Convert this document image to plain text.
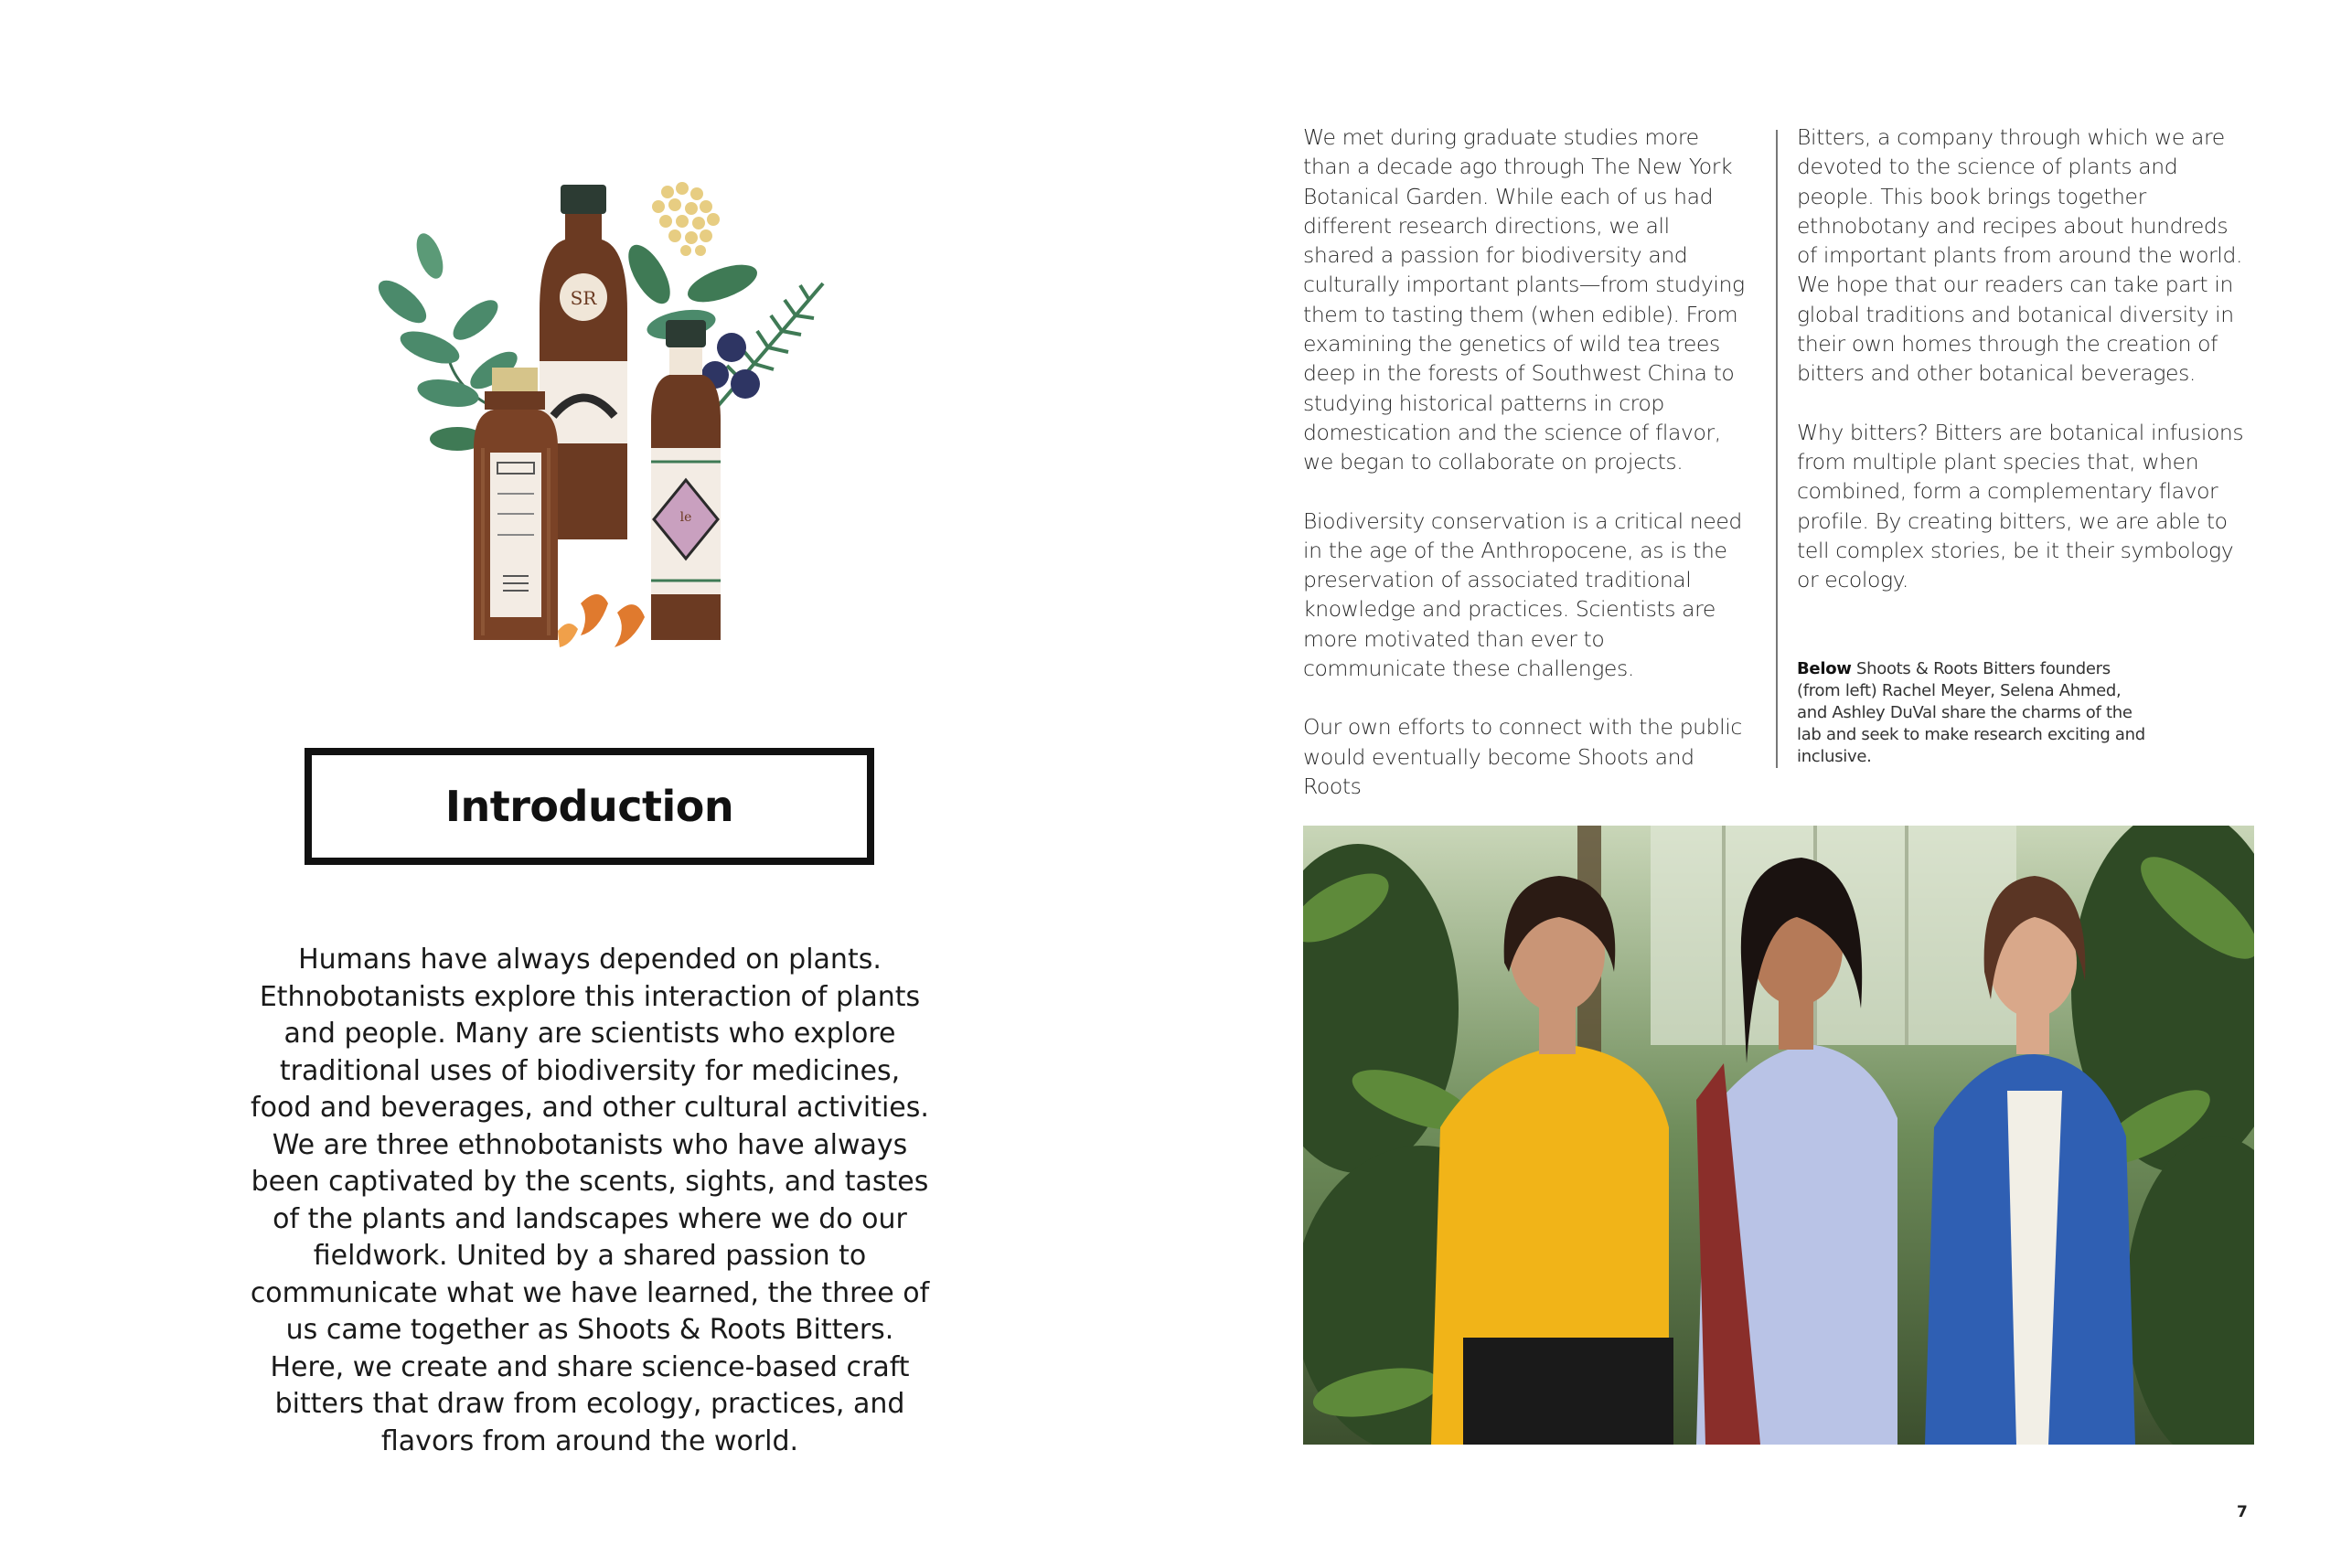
SR
le
Introduction
Humans have always depended on plants. Ethnobotanists explore this interaction of plants and people. Many are scientists who explore traditional uses of biodiversity for medicines, food and beverages, and other cultural activities. We are three ethnobotanists who have always been captivated by the scents, sights, and tastes of the plants and landscapes where we do our fieldwork. United by a shared passion to communicate what we have learned, the three of us came together as Shoots & Roots Bitters. Here, we create and share science-based craft bitters that draw from ecology, practices, and flavors from around the world.

We met during graduate studies more than a decade ago through The New York Botanical Garden. While each of us had different research directions, we all shared a passion for biodiversity and culturally important plants—from studying them to tasting them (when edible). From examining the genetics of wild tea trees deep in the forests of Southwest China to studying historical patterns in crop domestication and the science of flavor, we began to collaborate on projects.

Biodiversity conservation is a critical need in the age of the Anthropocene, as is the preservation of associated traditional knowledge and practices. Scientists are more motivated than ever to communicate these challenges.

Our own efforts to connect with the public would eventually become Shoots and Roots

Bitters, a company through which we are devoted to the science of plants and people. This book brings together ethnobotany and recipes about hundreds of important plants from around the world. We hope that our readers can take part in global traditions and botanical diversity in their own homes through the creation of bitters and other botanical beverages.

Why bitters? Bitters are botanical infusions from multiple plant species that, when combined, form a complementary flavor profile. By creating bitters, we are able to tell complex stories, be it their symbology or ecology.

Below Shoots & Roots Bitters founders (from left) Rachel Meyer, Selena Ahmed, and Ashley DuVal share the charms of the lab and seek to make research exciting and inclusive.
7
